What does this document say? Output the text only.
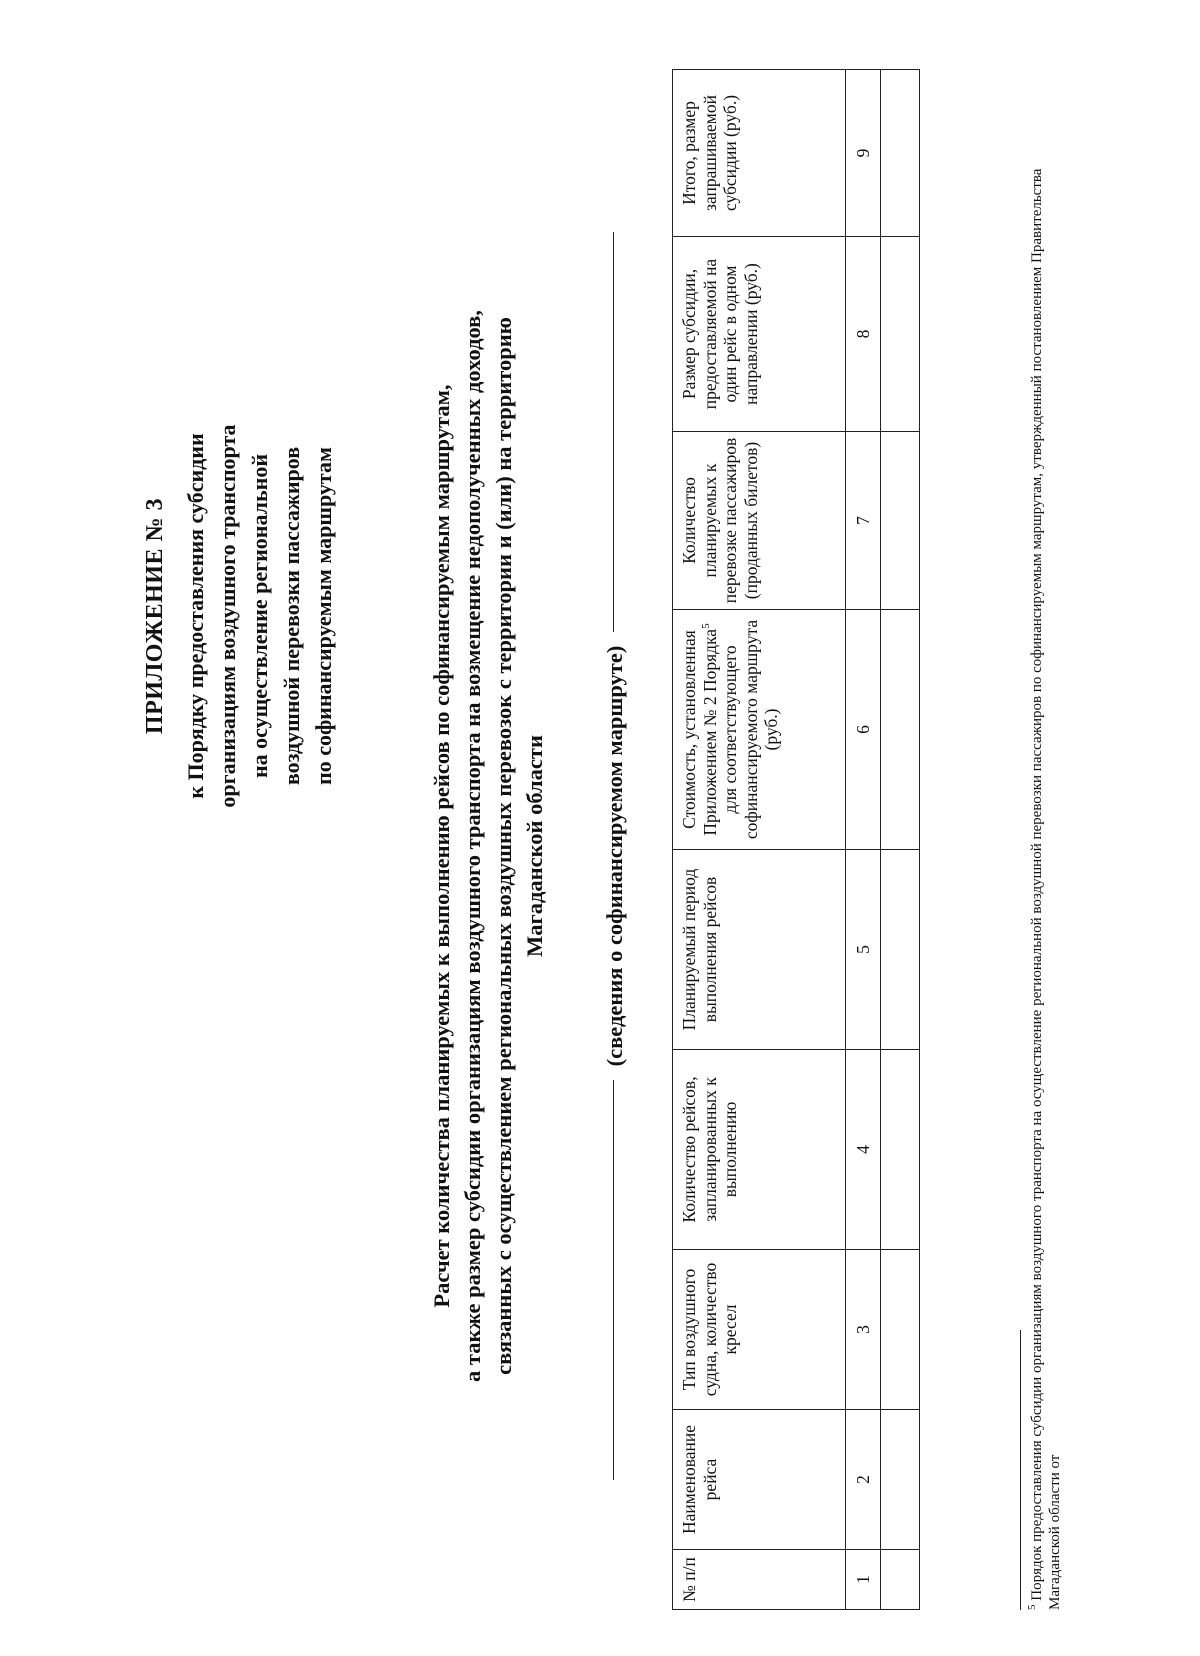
ПРИЛОЖЕНИЕ № 3 к Порядку предоставления субсидии организациям воздушного транспорта на осуществление региональной воздушной перевозки пассажиров по софинансируемым маршрутам	Расчет количества планируемых к выполнению рейсов по софинансируемым маршрутам, а также размер субсидии организациям воздушного транспорта на возмещение недополученных доходов, связанных с осуществлением региональных воздушных перевозок с территории и (или) на территорию Магаданской области (сведения о софинансируемом маршруте)
№ п/п	Наименование рейса	Тип воздушного судна, количество кресел	Количество рейсов, запланированных к выполнению	Планируемый период выполнения рейсов	Стоимость, установленная Приложением № 2 Порядка$^5$ для соответствующего софинансируемого маршрута (руб.)	Количество планируемых к перевозке пассажиров (проданных билетов)	Размер субсидии, предоставляемой на один рейс в одном направлении (руб.)	Итого, размер запрашиваемой субсидии (руб.)
1	2	3	4	5	6	7	8	9

$^5$ Порядок предоставления субсидии организациям воздушного транспорта на осуществление региональной воздушной перевозки пассажиров по софинансируемым маршрутам, утвержденный постановлением Правительства Магаданской области от
